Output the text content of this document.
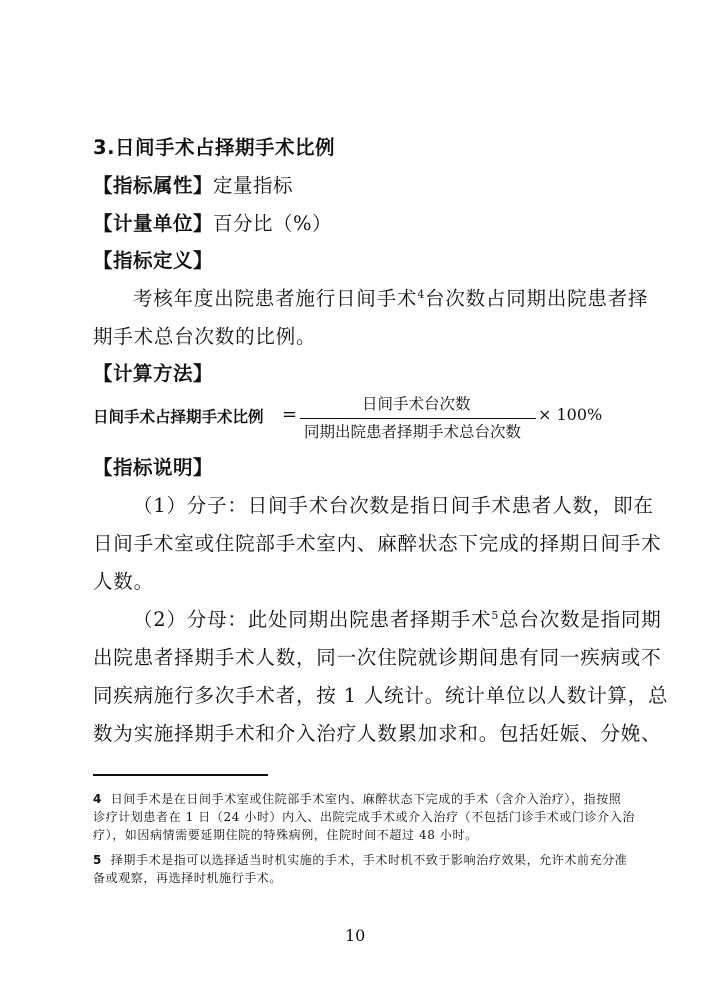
3.日间手术占择期手术比例
【指标属性】定量指标
【计量单位】百分比（%）
【指标定义】
考核年度出院患者施行日间手术$^4$台次数占同期出院患者择
期手术总台次数的比例。
【计算方法】
日间手术占择期手术比例 =	日间手术台次数
同期出院患者择期手术总台次数
× 100%
【指标说明】
（1）分子：日间手术台次数是指日间手术患者人数，即在
日间手术室或住院部手术室内、麻醉状态下完成的择期日间手术
人数。
（2）分母：此处同期出院患者择期手术$^5$总台次数是指同期
出院患者择期手术人数，同一次住院就诊期间患有同一疾病或不
同疾病施行多次手术者，按 1 人统计。统计单位以人数计算，总
数为实施择期手术和介入治疗人数累加求和。包括妊娠、分娩、
4 日间手术是在日间手术室或住院部手术室内、麻醉状态下完成的手术（含介入治疗），指按照
诊疗计划患者在 1 日（24 小时）内入、出院完成手术或介入治疗（不包括门诊手术或门诊介入治
疗），如因病情需要延期住院的特殊病例，住院时间不超过 48 小时。
5 择期手术是指可以选择适当时机实施的手术，手术时机不致于影响治疗效果，允许术前充分准
备或观察，再选择时机施行手术。
10
